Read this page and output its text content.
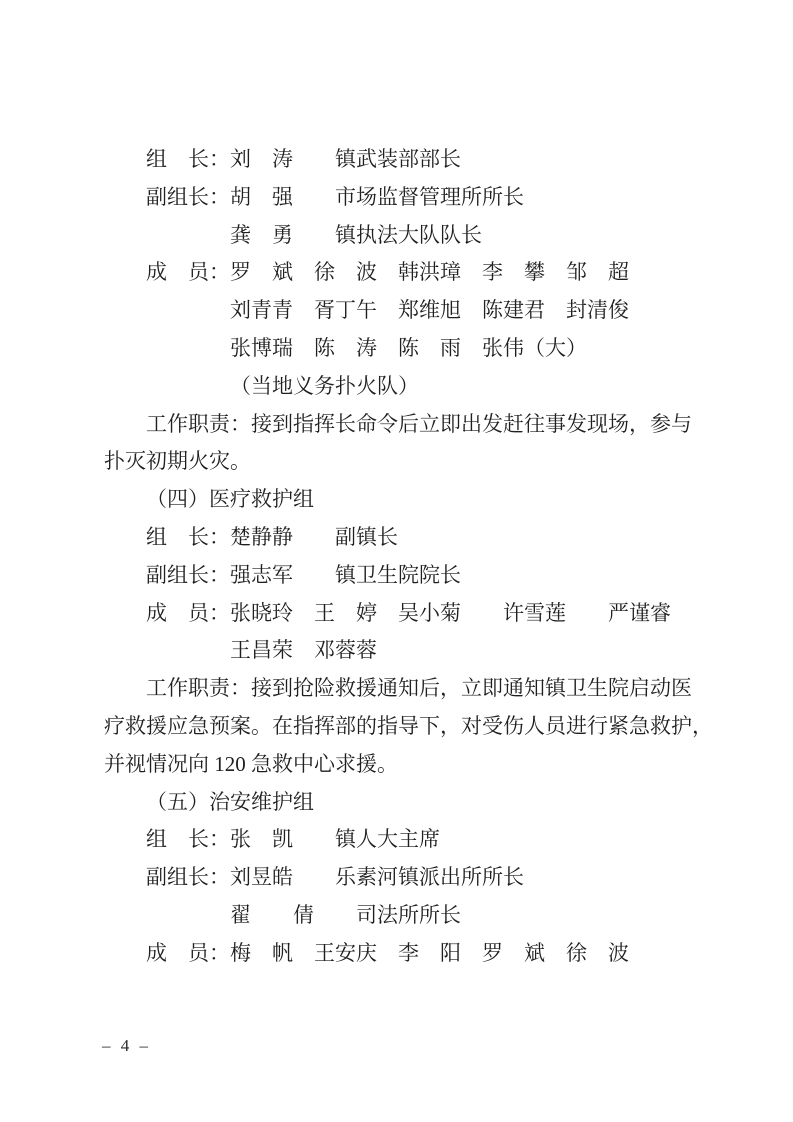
组　长：刘　涛　　镇武装部部长
副组长：胡　强　　市场监督管理所所长
龚　勇　　镇执法大队队长
成　员：罗　斌　徐　波　韩洪璋　李　攀　邹　超
刘青青　胥丁午　郑维旭　陈建君　封清俊
张博瑞　陈　涛　陈　雨　张伟（大）
（当地义务扑火队）
工作职责：接到指挥长命令后立即出发赶往事发现场，参与
扑灭初期火灾。
（四）医疗救护组
组　长：楚静静　　副镇长
副组长：强志军　　镇卫生院院长
成　员：张晓玲　王　婷　吴小菊　　许雪莲　　严谨睿
王昌荣　邓蓉蓉
工作职责：接到抢险救援通知后，立即通知镇卫生院启动医
疗救援应急预案。在指挥部的指导下，对受伤人员进行紧急救护，
并视情况向 120 急救中心求援。
（五）治安维护组
组　长：张　凯　　镇人大主席
副组长：刘昱皓　　乐素河镇派出所所长
翟　　倩　　司法所所长
成　员：梅　帆　王安庆　李　阳　罗　斌　徐　波
– 4 –
